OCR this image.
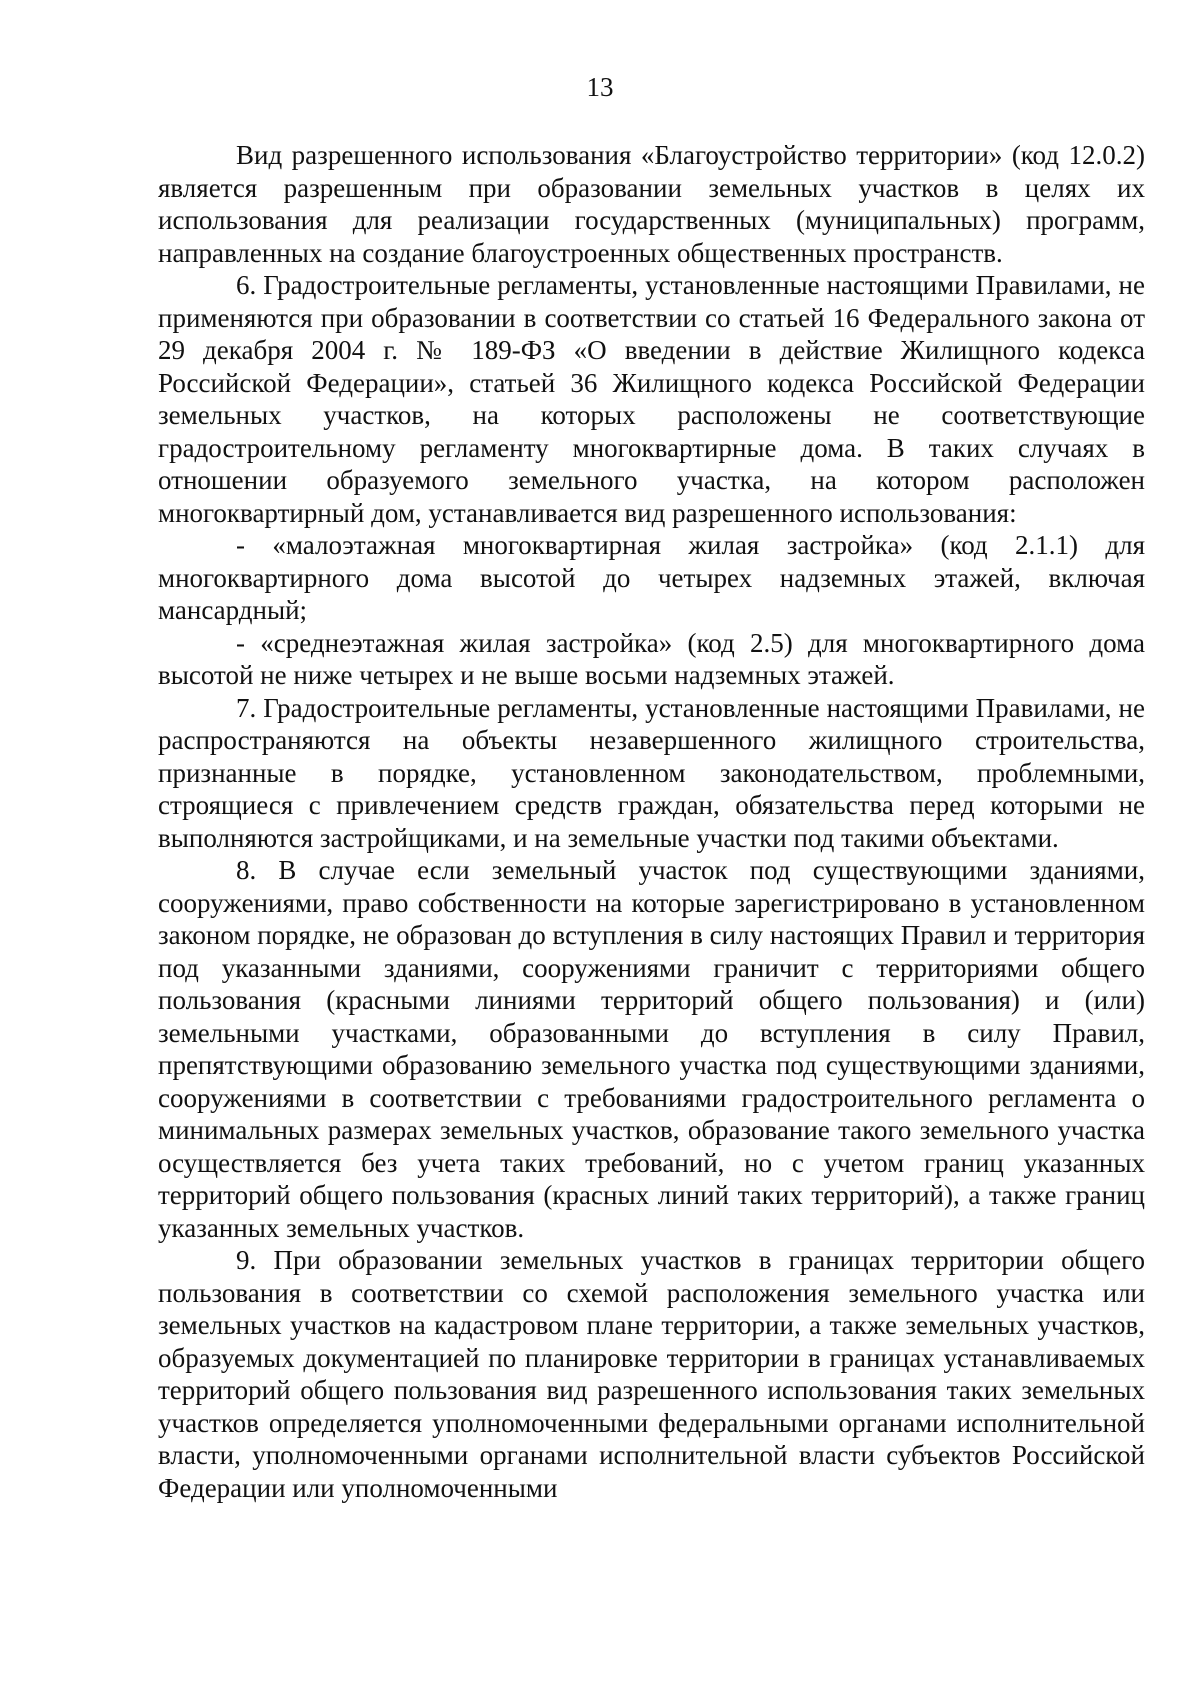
13

Вид разрешенного использования «Благоустройство территории» (код 12.0.2) является разрешенным при образовании земельных участков в целях их использования для реализации государственных (муниципальных) программ, направленных на создание благоустроенных общественных пространств.

6. Градостроительные регламенты, установленные настоящими Правилами, не применяются при образовании в соответствии со статьей 16 Федерального закона от 29 декабря 2004 г. № 189-ФЗ «О введении в действие Жилищного кодекса Российской Федерации», статьей 36 Жилищного кодекса Российской Федерации земельных участков, на которых расположены не соответствующие градостроительному регламенту многоквартирные дома. В таких случаях в отношении образуемого земельного участка, на котором расположен многоквартирный дом, устанавливается вид разрешенного использования:

- «малоэтажная многоквартирная жилая застройка» (код 2.1.1) для многоквартирного дома высотой до четырех надземных этажей, включая мансардный;

- «среднеэтажная жилая застройка» (код 2.5) для многоквартирного дома высотой не ниже четырех и не выше восьми надземных этажей.

7. Градостроительные регламенты, установленные настоящими Правилами, не распространяются на объекты незавершенного жилищного строительства, признанные в порядке, установленном законодательством, проблемными, строящиеся с привлечением средств граждан, обязательства перед которыми не выполняются застройщиками, и на земельные участки под такими объектами.

8. В случае если земельный участок под существующими зданиями, сооружениями, право собственности на которые зарегистрировано в установленном законом порядке, не образован до вступления в силу настоящих Правил и территория под указанными зданиями, сооружениями граничит с территориями общего пользования (красными линиями территорий общего пользования) и (или) земельными участками, образованными до вступления в силу Правил, препятствующими образованию земельного участка под существующими зданиями, сооружениями в соответствии с требованиями градостроительного регламента о минимальных размерах земельных участков, образование такого земельного участка осуществляется без учета таких требований, но с учетом границ указанных территорий общего пользования (красных линий таких территорий), а также границ указанных земельных участков.

9. При образовании земельных участков в границах территории общего пользования в соответствии со схемой расположения земельного участка или земельных участков на кадастровом плане территории, а также земельных участков, образуемых документацией по планировке территории в границах устанавливаемых территорий общего пользования вид разрешенного использования таких земельных участков определяется уполномоченными федеральными органами исполнительной власти, уполномоченными органами исполнительной власти субъектов Российской Федерации или уполномоченными
